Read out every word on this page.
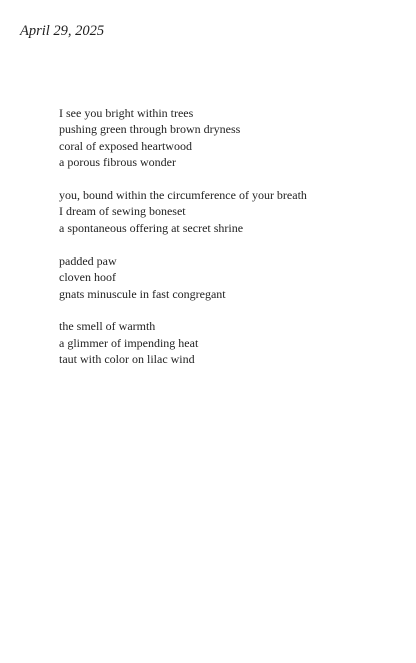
April 29, 2025
I see you bright within trees
pushing green through brown dryness
coral of exposed heartwood
a porous fibrous wonder
you, bound within the circumference of your breath
I dream of sewing boneset
a spontaneous offering at secret shrine
padded paw
cloven hoof
gnats minuscule in fast congregant
the smell of warmth
a glimmer of impending heat
taut with color on lilac wind
